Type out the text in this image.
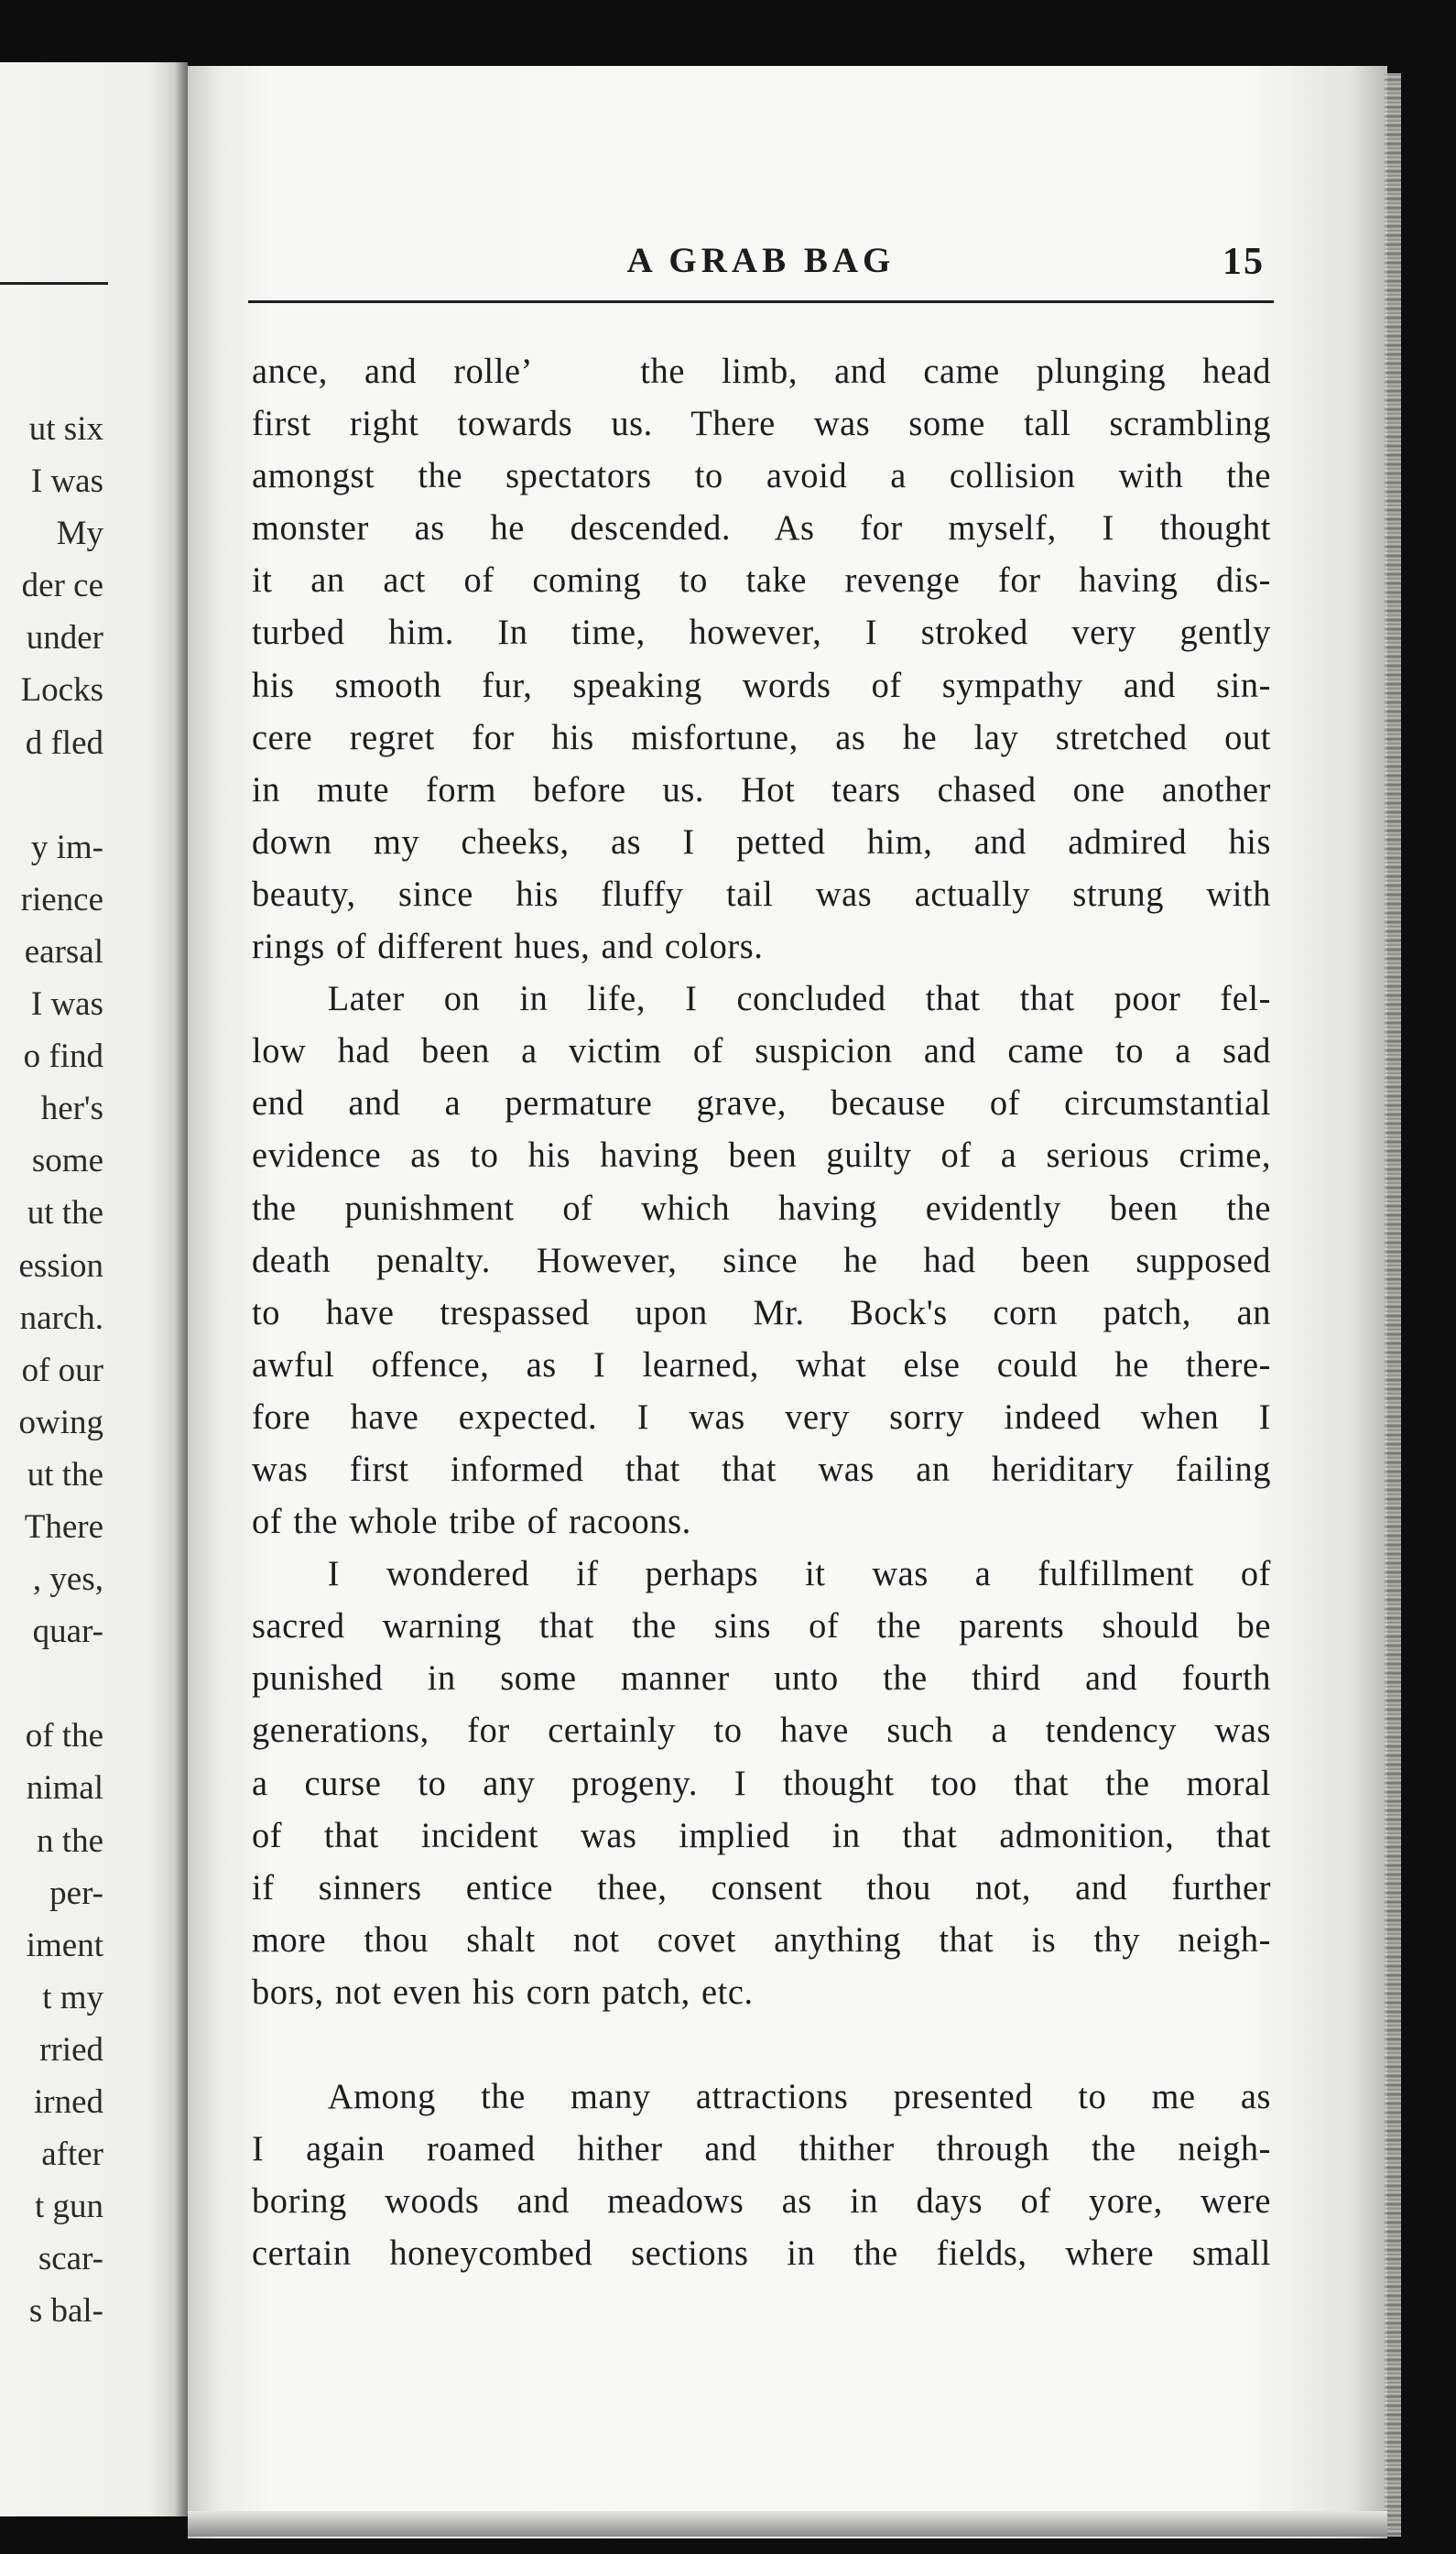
ut six
I was
My
der ce
under
Locks
d fled

y im-
rience
earsal
I was
o find
her's
some
ut the
ession
narch.
of our
owing
ut the
There
, yes,
quar-

of the
nimal
n the
per-
iment
t my
rried
irned
after
t gun
scar-
s bal-
A GRAB BAG	15
ance, and rolle’   the limb, and came plunging head
first right towards us. There was some tall scrambling
amongst the spectators to avoid a collision with the
monster as he descended. As for myself, I thought
it an act of coming to take revenge for having dis-
turbed him. In time, however, I stroked very gently
his smooth fur, speaking words of sympathy and sin-
cere regret for his misfortune, as he lay stretched out
in mute form before us. Hot tears chased one another
down my cheeks, as I petted him, and admired his
beauty, since his fluffy tail was actually strung with
rings of different hues, and colors.
Later on in life, I concluded that that poor fel-
low had been a victim of suspicion and came to a sad
end and a permature grave, because of circumstantial
evidence as to his having been guilty of a serious crime,
the punishment of which having evidently been the
death penalty. However, since he had been supposed
to have trespassed upon Mr. Bock's corn patch, an
awful offence, as I learned, what else could he there-
fore have expected. I was very sorry indeed when I
was first informed that that was an heriditary failing
of the whole tribe of racoons.
I wondered if perhaps it was a fulfillment of
sacred warning that the sins of the parents should be
punished in some manner unto the third and fourth
generations, for certainly to have such a tendency was
a curse to any progeny. I thought too that the moral
of that incident was implied in that admonition, that
if sinners entice thee, consent thou not, and further
more thou shalt not covet anything that is thy neigh-
bors, not even his corn patch, etc.
Among the many attractions presented to me as
I again roamed hither and thither through the neigh-
boring woods and meadows as in days of yore, were
certain honeycombed sections in the fields, where small
